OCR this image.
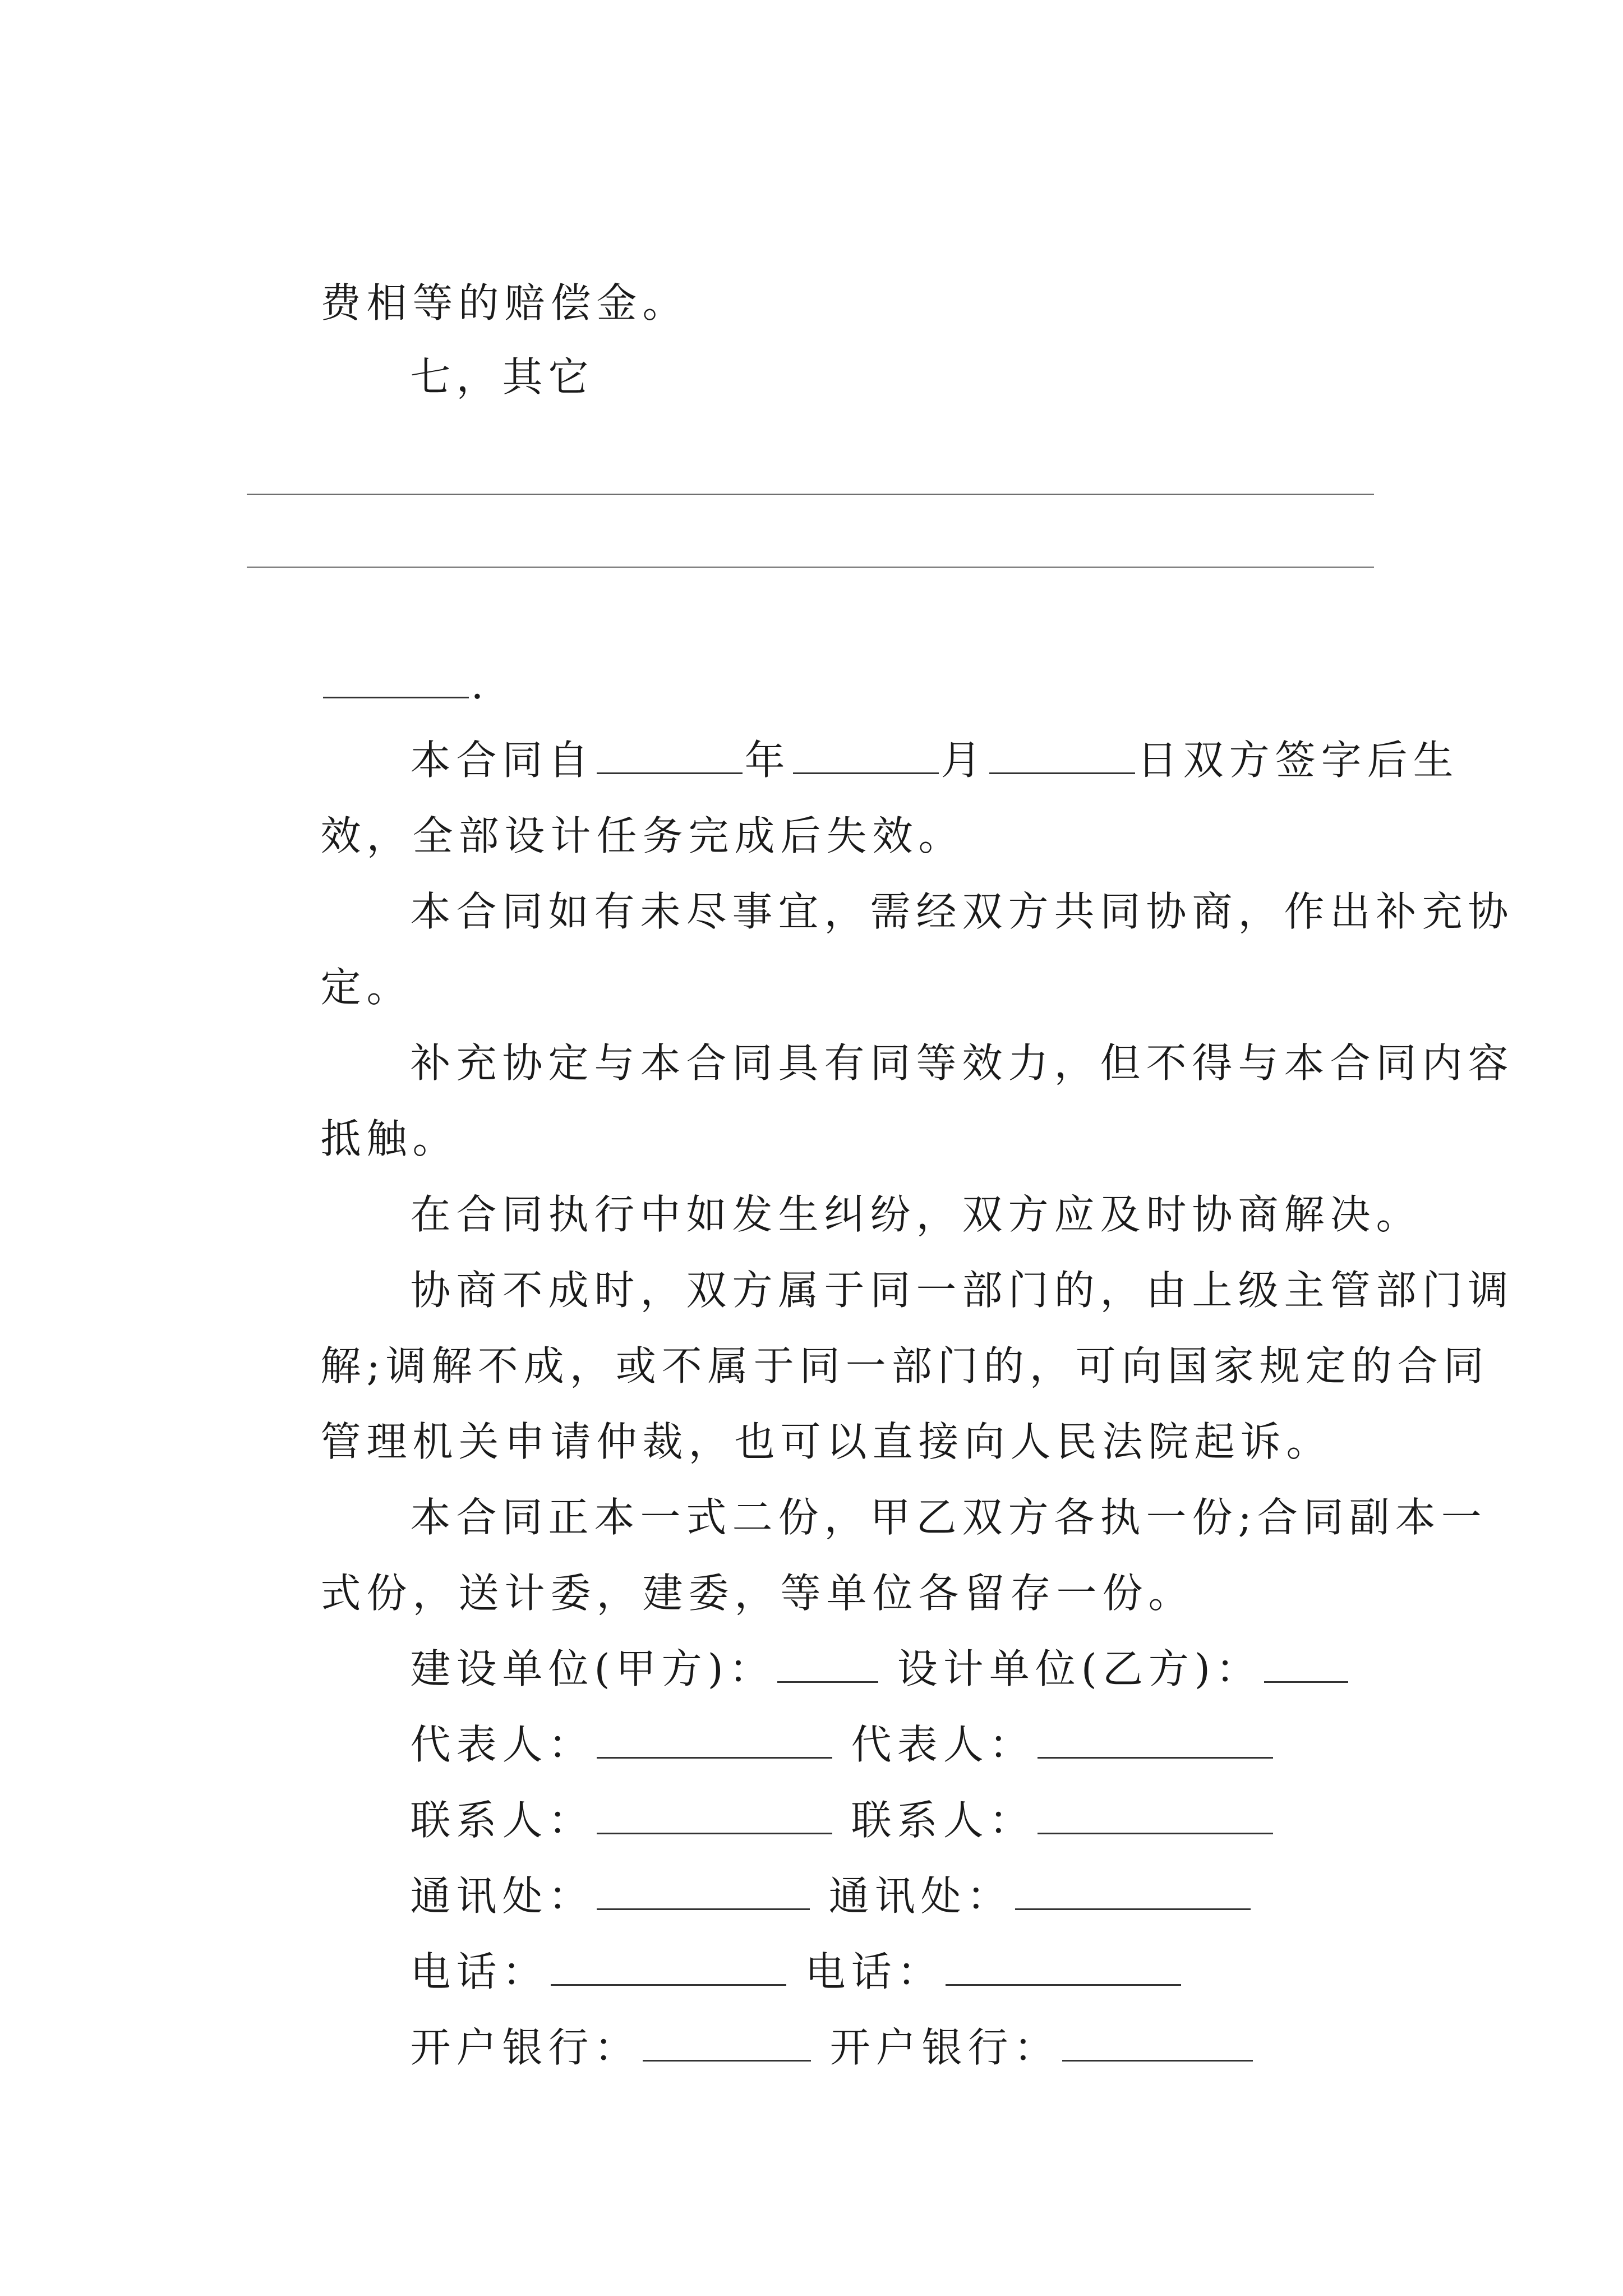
费相等的赔偿金。

七，其它

.

本合同自	年	月	日双方签字后生

效，全部设计任务完成后失效。

本合同如有未尽事宜，需经双方共同协商，作出补充协

定。

补充协定与本合同具有同等效力，但不得与本合同内容

抵触。

在合同执行中如发生纠纷，双方应及时协商解决。

协商不成时，双方属于同一部门的，由上级主管部门调

解;调解不成，或不属于同一部门的，可向国家规定的合同

管理机关申请仲裁，也可以直接向人民法院起诉。

本合同正本一式二份，甲乙双方各执一份;合同副本一

式份，送计委，建委，等单位各留存一份。

建设单位(甲方)：	设计单位(乙方)：

代表人：	代表人：

联系人：	联系人：

通讯处：	通讯处：

电话：	电话：

开户银行：	开户银行：
